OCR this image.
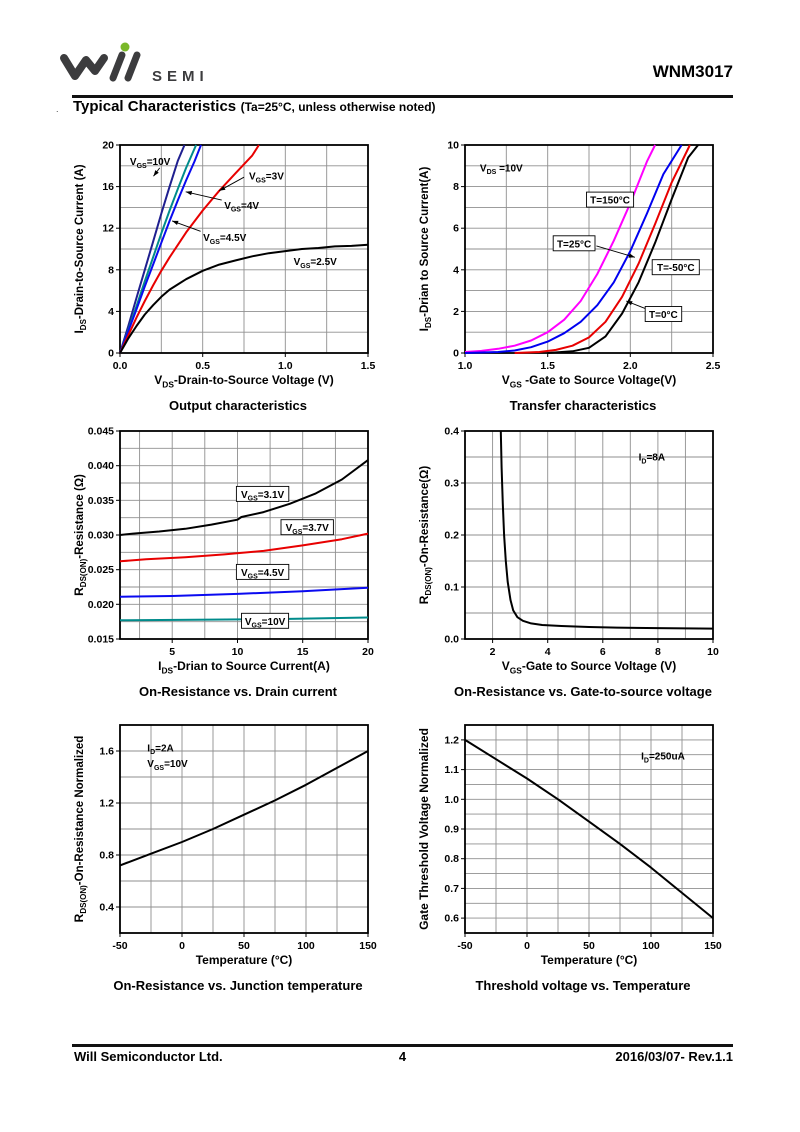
SEMI	WNM3017
. Typical Characteristics (Ta=25°C, unless otherwise noted)
0.0	0.5	1.0	1.5
0
4
8
12
16
20
$V_{DS}-Drain-to$-Source Voltage (V)
$I_{DS}-Drain-to$-Source Current (A)
$V_{GS}=10V$
$V_{GS}=3V$
$V_{GS}=4V$
$V_{GS}=4.5V$
$V_{GS}=2.5V$
Output characteristics
1.0	1.5	2.0	2.5
0
2
4
6
8
10
$V_{GS}$ -Gate to Source Voltage(V)
$I_{DS}$-Drian to Source Current(A)	$V_{DS} =10V$
T=150°C
T=25°C
T=-50°C
T=0°C
Transfer characteristics
5	10	15	20
0.015
0.020
0.025
0.030
0.035
0.040
0.045
$I_{DS}$-Drian to Source Current(A)
$R_{DS(ON)}$-Resistance (Ω)	$V_{GS}=3.1V$
$V_{GS}=3.7V$
$V_{GS}=4.5V$
$V_{GS}=10V$
On-Resistance vs. Drain current
2	4	6	8	10
0.0
0.1
0.2
0.3
0.4
$V_{GS}$-Gate to Source Voltage (V)
$R_{DS(ON)}-On-Resistance(\Omega)$
$I_D=8A$
On-Resistance vs. Gate-to-source voltage
-50	0	50	100	150
0.4
0.8
1.2
1.6
Temperature (°C)
$R_{DS(ON)}-On$-Resistance Normalized	$I_D=2A$
$V_{GS}=10V$
On-Resistance vs. Junction temperature
-50	0	50	100	150
0.6
0.7
0.8
0.9
1.0
1.1
1.2
Temperature (°C)
Gate Threshold Voltage Normalized	$I_D=250uA$
Threshold voltage vs. Temperature
Will Semiconductor Ltd.	4	2016/03/07- Rev.1.1
